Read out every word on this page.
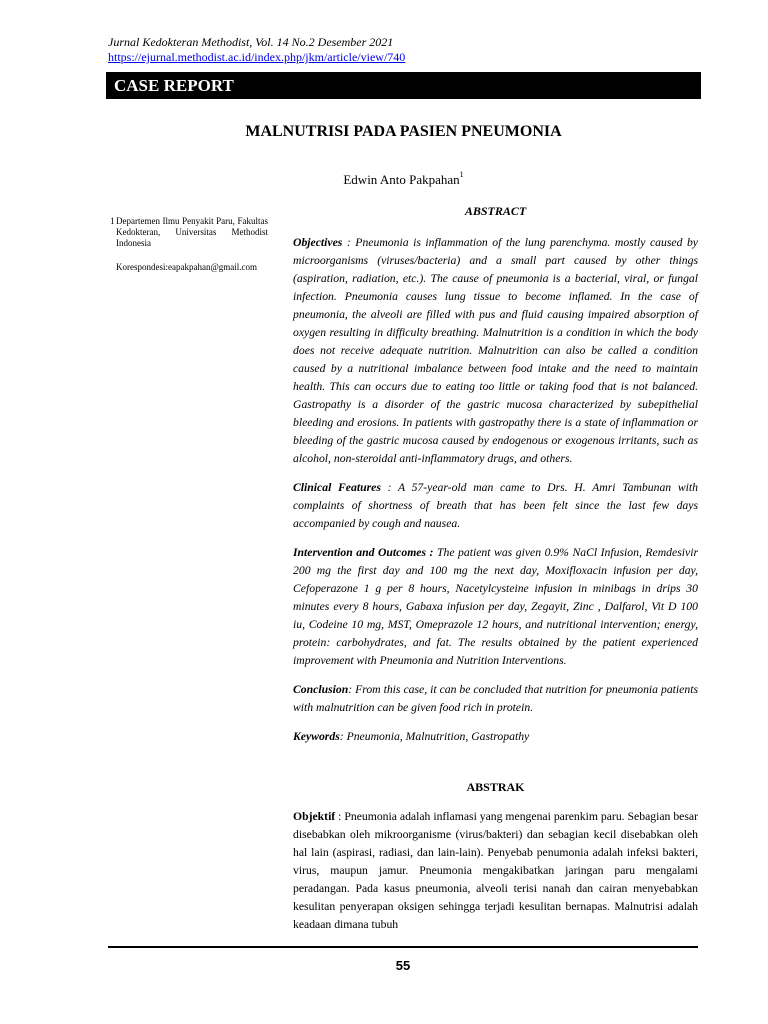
Jurnal Kedokteran Methodist, Vol. 14 No.2 Desember 2021
https://ejurnal.methodist.ac.id/index.php/jkm/article/view/740
CASE REPORT
MALNUTRISI PADA PASIEN PNEUMONIA
Edwin Anto Pakpahan$^1$
1 Departemen Ilmu Penyakit Paru, Fakultas Kedokteran, Universitas Methodist Indonesia
Korespondesi:eapakpahan@gmail.com
ABSTRACT

Objectives : Pneumonia is inflammation of the lung parenchyma. mostly caused by microorganisms (viruses/bacteria) and a small part caused by other things (aspiration, radiation, etc.). The cause of pneumonia is a bacterial, viral, or fungal infection. Pneumonia causes lung tissue to become inflamed. In the case of pneumonia, the alveoli are filled with pus and fluid causing impaired absorption of oxygen resulting in difficulty breathing. Malnutrition is a condition in which the body does not receive adequate nutrition. Malnutrition can also be called a condition caused by a nutritional imbalance between food intake and the need to maintain health. This can occurs due to eating too little or taking food that is not balanced. Gastropathy is a disorder of the gastric mucosa characterized by subepithelial bleeding and erosions. In patients with gastropathy there is a state of inflammation or bleeding of the gastric mucosa caused by endogenous or exogenous irritants, such as alcohol, non-steroidal anti-inflammatory drugs, and others.

Clinical Features : A 57-year-old man came to Drs. H. Amri Tambunan with complaints of shortness of breath that has been felt since the last few days accompanied by cough and nausea.

Intervention and Outcomes : The patient was given 0.9% NaCl Infusion, Remdesivir 200 mg the first day and 100 mg the next day, Moxifloxacin infusion per day, Cefoperazone 1 g per 8 hours, Nacetylcysteine infusion in minibags in drips 30 minutes every 8 hours, Gabaxa infusion per day, Zegayit, Zinc , Dalfarol, Vit D 100 iu, Codeine 10 mg, MST, Omeprazole 12 hours, and nutritional intervention; energy, protein: carbohydrates, and fat. The results obtained by the patient experienced improvement with Pneumonia and Nutrition Interventions.

Conclusion: From this case, it can be concluded that nutrition for pneumonia patients with malnutrition can be given food rich in protein.

Keywords: Pneumonia, Malnutrition, Gastropathy

ABSTRAK

Objektif : Pneumonia adalah inflamasi yang mengenai parenkim paru. Sebagian besar disebabkan oleh mikroorganisme (virus/bakteri) dan sebagian kecil disebabkan oleh hal lain (aspirasi, radiasi, dan lain-lain). Penyebab penumonia adalah infeksi bakteri, virus, maupun jamur. Pneumonia mengakibatkan jaringan paru mengalami peradangan. Pada kasus pneumonia, alveoli terisi nanah dan cairan menyebabkan kesulitan penyerapan oksigen sehingga terjadi kesulitan bernapas. Malnutrisi adalah keadaan dimana tubuh

55
